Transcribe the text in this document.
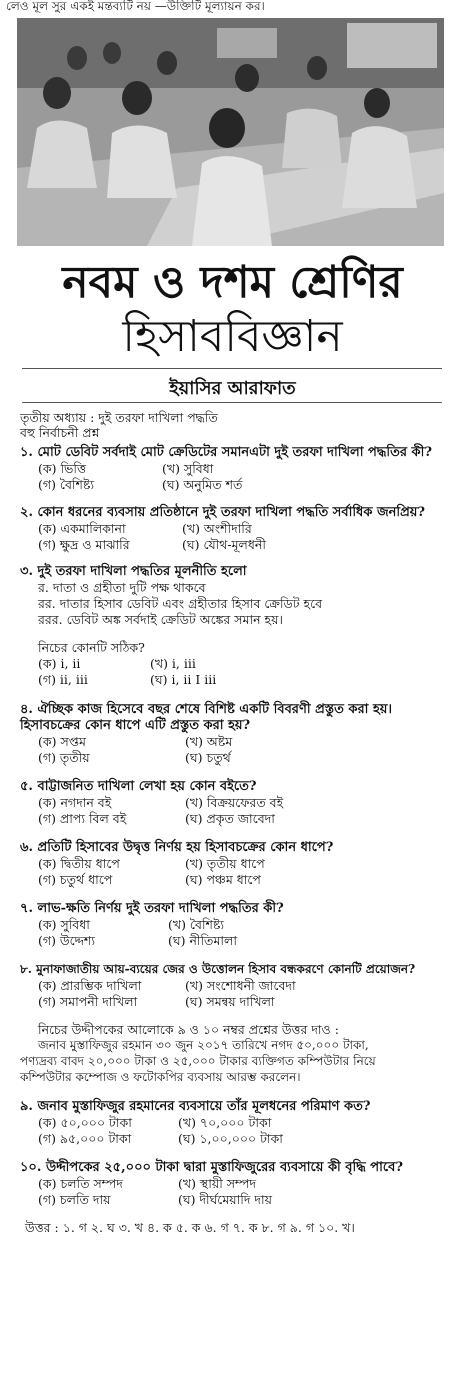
লেও মূল সুর একই মন্তব্যটি নয় —উক্তিটি মূল্যায়ন কর।
নবম ও দশম শ্রেণির
হিসাববিজ্ঞান
ইয়াসির আরাফাত
তৃতীয় অধ্যায় : দুই তরফা দাখিলা পদ্ধতি
বহু নির্বাচনী প্রশ্ন
১. মোট ডেবিট সর্বদাই মোট ক্রেডিটের সমানএটা দুই তরফা দাখিলা পদ্ধতির কী?
(ক) ভিত্তি	(খ) সুবিধা
(গ) বৈশিষ্ট্য	(ঘ) অনুমিত শর্ত
২. কোন ধরনের ব্যবসায় প্রতিষ্ঠানে দুই তরফা দাখিলা পদ্ধতি সর্বাধিক জনপ্রিয়?
(ক) একমালিকানা	(খ) অংশীদারি
(গ) ক্ষুদ্র ও মাঝারি	(ঘ) যৌথ-মূলধনী
৩. দুই তরফা দাখিলা পদ্ধতির মূলনীতি হলো
র. দাতা ও গ্রহীতা দুটি পক্ষ থাকবে
রর. দাতার হিসাব ডেবিট এবং গ্রহীতার হিসাব ক্রেডিট হবে
ররর. ডেবিট অঙ্ক সর্বদাই ক্রেডিট অঙ্কের সমান হয়।
নিচের কোনটি সঠিক?
(ক) i, ii	(খ) i, iii
(গ) ii, iii	(ঘ) i, ii I iii
৪. ঐচ্ছিক কাজ হিসেবে বছর শেষে বিশিষ্ট একটি বিবরণী প্রস্তুত করা হয়।
হিসাবচক্রের কোন ধাপে এটি প্রস্তুত করা হয়?
(ক) সপ্তম	(খ) অষ্টম
(গ) তৃতীয়	(ঘ) চতুর্থ
৫. বাট্টাজনিত দাখিলা লেখা হয় কোন বইতে?
(ক) নগদান বই	(খ) বিক্রয়ফেরত বই
(গ) প্রাপ্য বিল বই	(ঘ) প্রকৃত জাবেদা
৬. প্রতিটি হিসাবের উদ্বৃত্ত নির্ণয় হয় হিসাবচক্রের কোন ধাপে?
(ক) দ্বিতীয় ধাপে	(খ) তৃতীয় ধাপে
(গ) চতুর্থ ধাপে	(ঘ) পঞ্চম ধাপে
৭. লাভ-ক্ষতি নির্ণয় দুই তরফা দাখিলা পদ্ধতির কী?
(ক) সুবিধা	(খ) বৈশিষ্ট্য
(গ) উদ্দেশ্য	(ঘ) নীতিমালা
৮. মুনাফাজাতীয় আয়-ব্যয়ের জের ও উত্তোলন হিসাব বন্ধকরণে কোনটি প্রয়োজন?
(ক) প্রারম্ভিক দাখিলা	(খ) সংশোধনী জাবেদা
(গ) সমাপনী দাখিলা	(ঘ) সমন্বয় দাখিলা
নিচের উদ্দীপকের আলোকে ৯ ও ১০ নম্বর প্রশ্নের উত্তর দাও :
জনাব মুস্তাফিজুর রহমান ৩০ জুন ২০১৭ তারিখে নগদ ৫০,০০০ টাকা,
পণ্যদ্রব্য বাবদ ২০,০০০ টাকা ও ২৫,০০০ টাকার ব্যক্তিগত কম্পিউটার নিয়ে
কম্পিউটার কম্পোজ ও ফটোকপির ব্যবসায় আরম্ভ করলেন।
৯. জনাব মুস্তাফিজুর রহমানের ব্যবসায়ে তাঁর মূলধনের পরিমাণ কত?
(ক) ৫০,০০০ টাকা	(খ) ৭০,০০০ টাকা
(গ) ৯৫,০০০ টাকা	(ঘ) ১,০০,০০০ টাকা
১০. উদ্দীপকের ২৫,০০০ টাকা দ্বারা মুস্তাফিজুরের ব্যবসায়ে কী বৃদ্ধি পাবে?
(ক) চলতি সম্পদ	(খ) স্থায়ী সম্পদ
(গ) চলতি দায়	(ঘ) দীর্ঘমেয়াদি দায়
উত্তর : ১. গ ২. ঘ ৩. খ ৪. ক ৫. ক ৬. গ ৭. ক ৮. গ ৯. গ ১০. খ।
